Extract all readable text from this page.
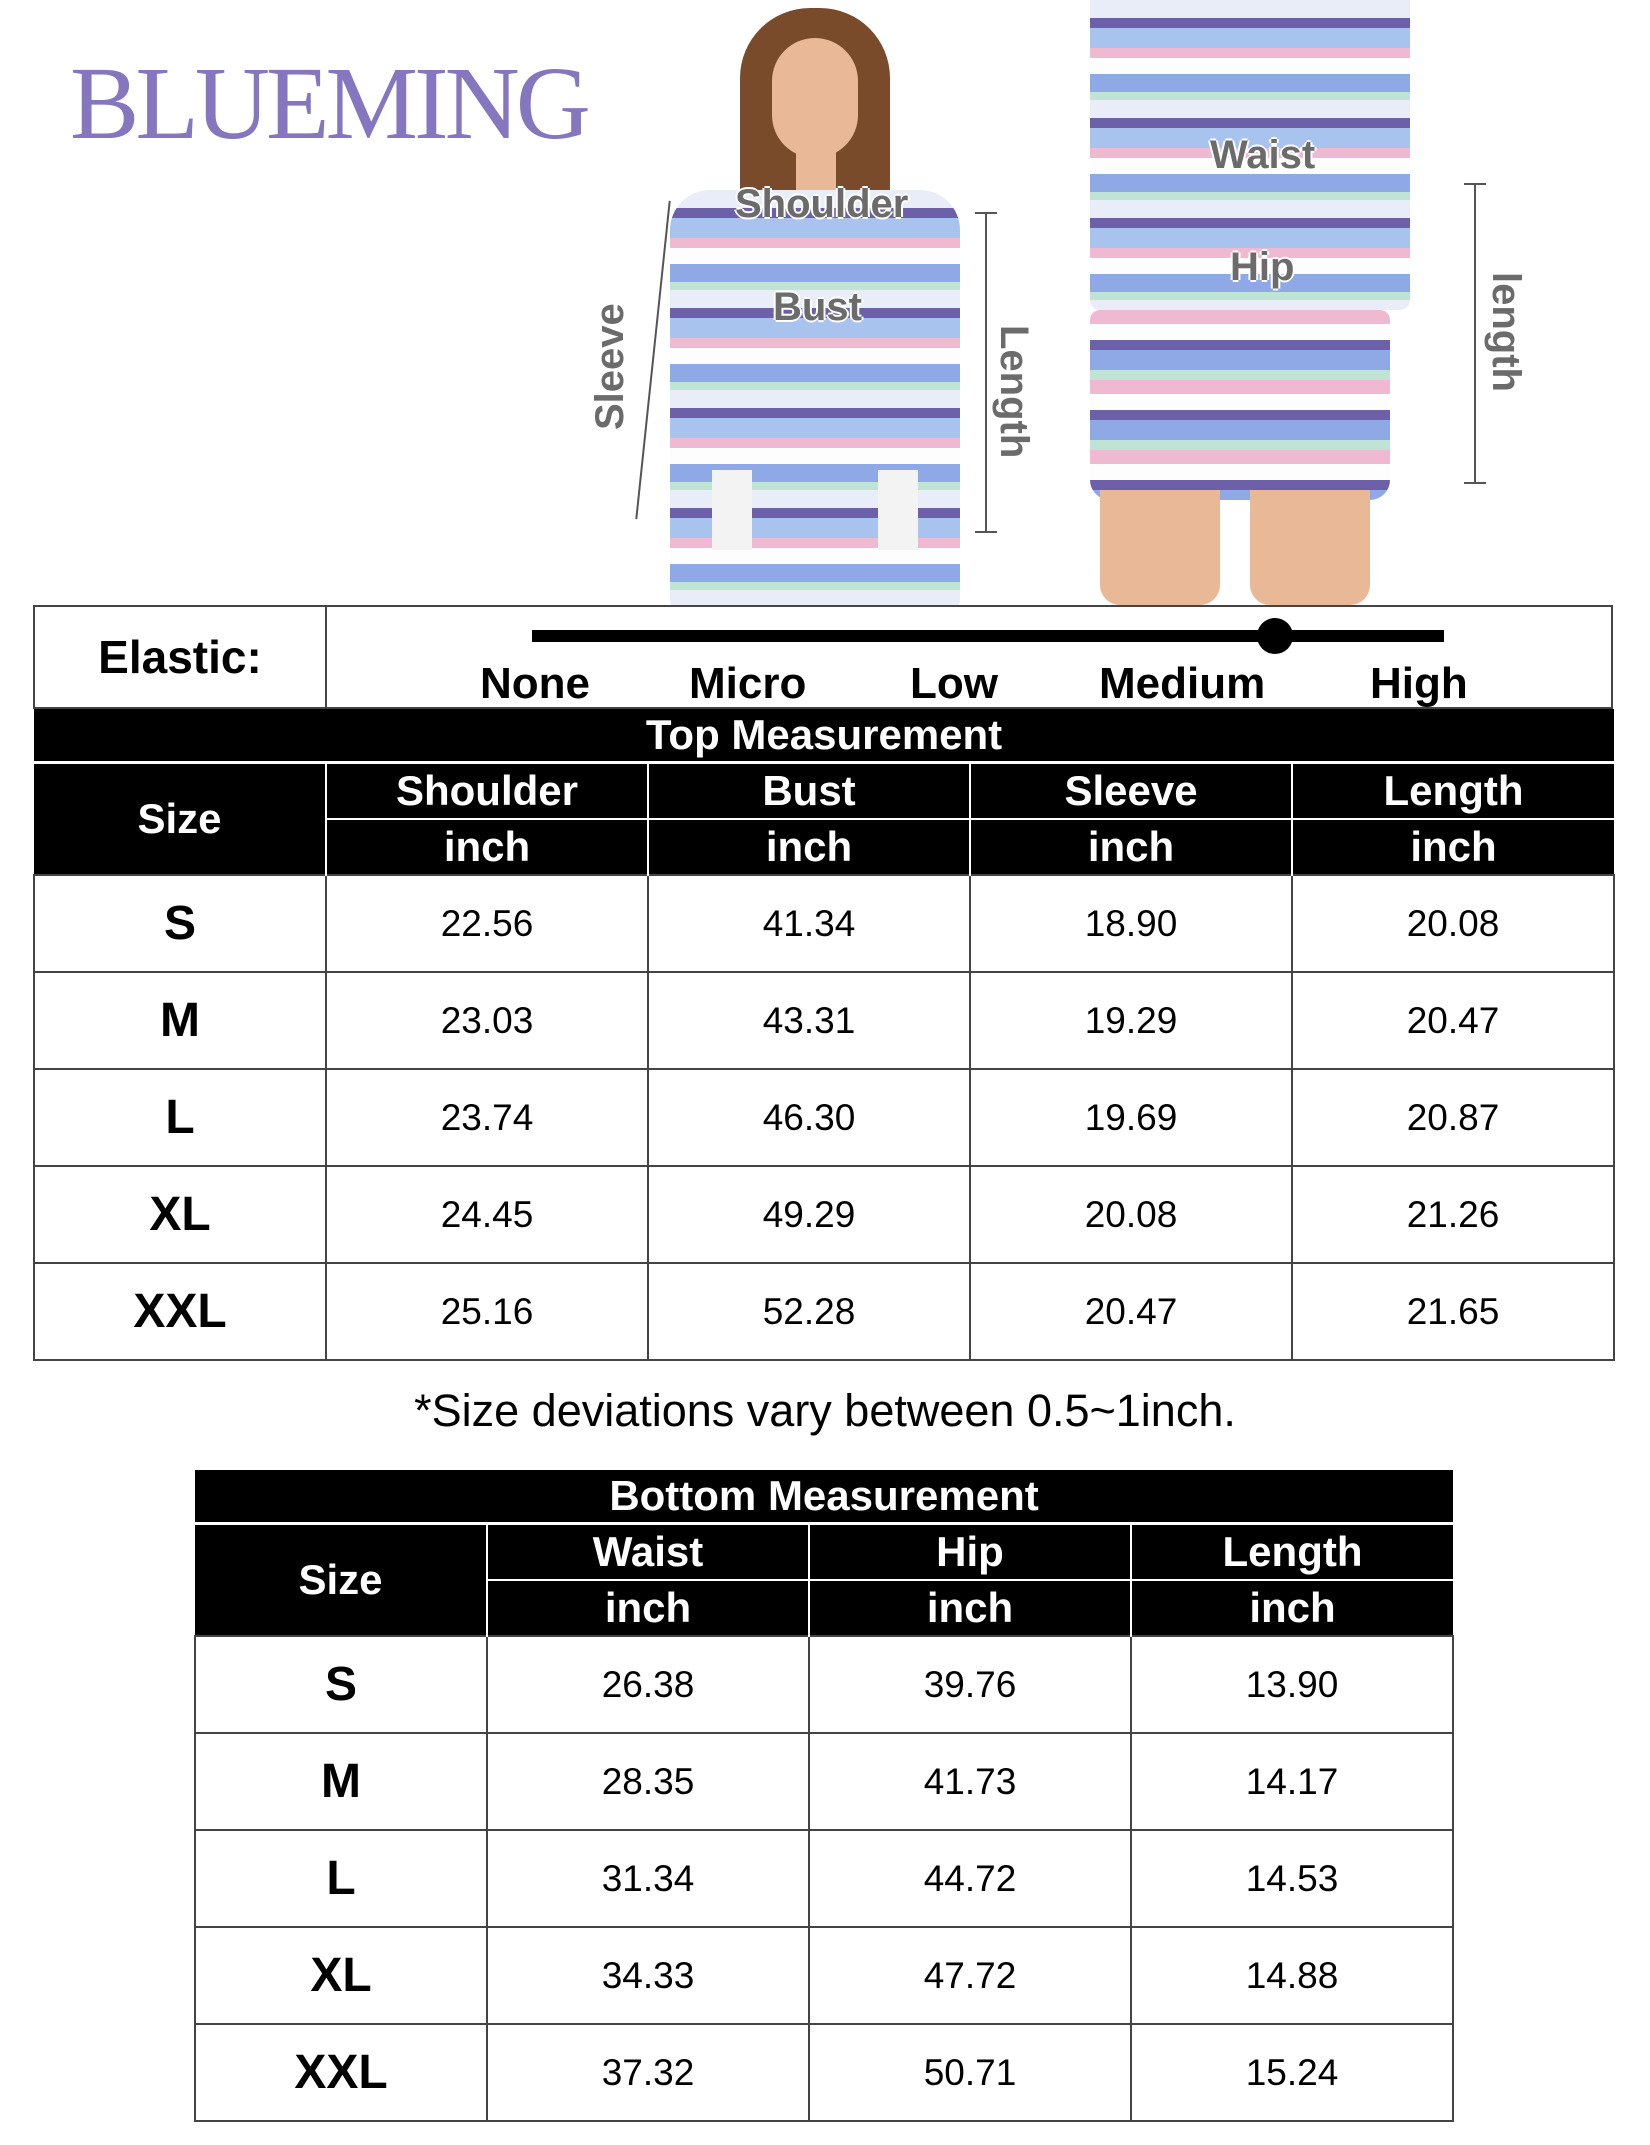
BLUEMING
Shoulder
Bust
Sleeve	Length
Waist
Hip
length
Elastic:
None Micro Low Medium High
Top Measurement				
Size	Shoulder	Bust	Sleeve	Length
	inch	inch	inch	inch
S	22.56	41.34	18.90	20.08
M	23.03	43.31	19.29	20.47
L	23.74	46.30	19.69	20.87
XL	24.45	49.29	20.08	21.26
XXL	25.16	52.28	20.47	21.65
*Size deviations vary between 0.5~1inch.
Bottom Measurement			
Size	Waist	Hip	Length
	inch	inch	inch
S	26.38	39.76	13.90
M	28.35	41.73	14.17
L	31.34	44.72	14.53
XL	34.33	47.72	14.88
XXL	37.32	50.71	15.24
